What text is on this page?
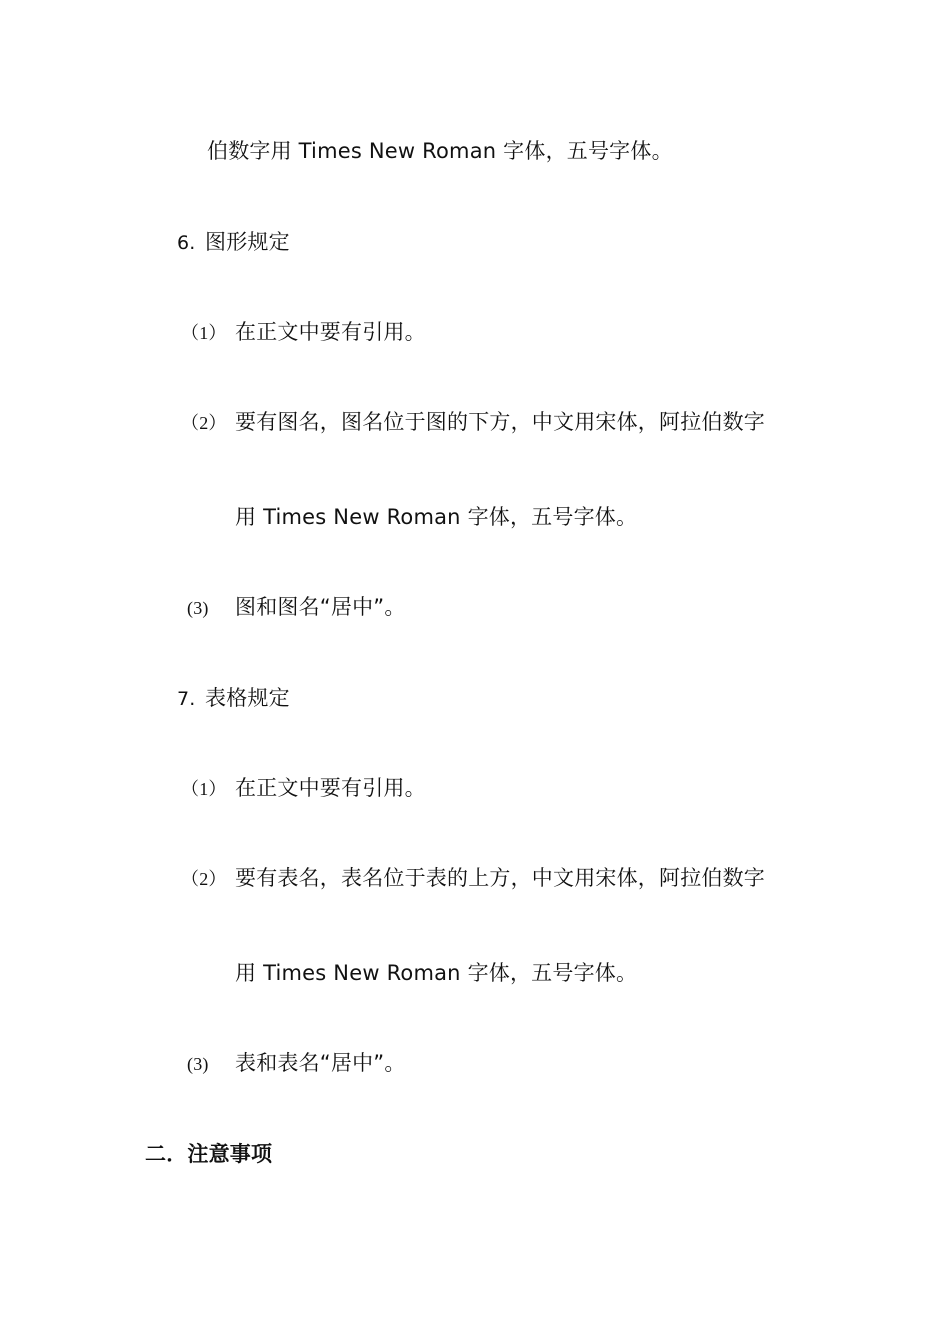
伯数字用 Times New Roman 字体，五号字体。
6. 图形规定
（1） 在正文中要有引用。
（2） 要有图名，图名位于图的下方，中文用宋体，阿拉伯数字
用 Times New Roman 字体，五号字体。
(3) 图和图名“居中”。
7. 表格规定
（1） 在正文中要有引用。
（2） 要有表名，表名位于表的上方，中文用宋体，阿拉伯数字
用 Times New Roman 字体，五号字体。
(3) 表和表名“居中”。
二．注意事项
